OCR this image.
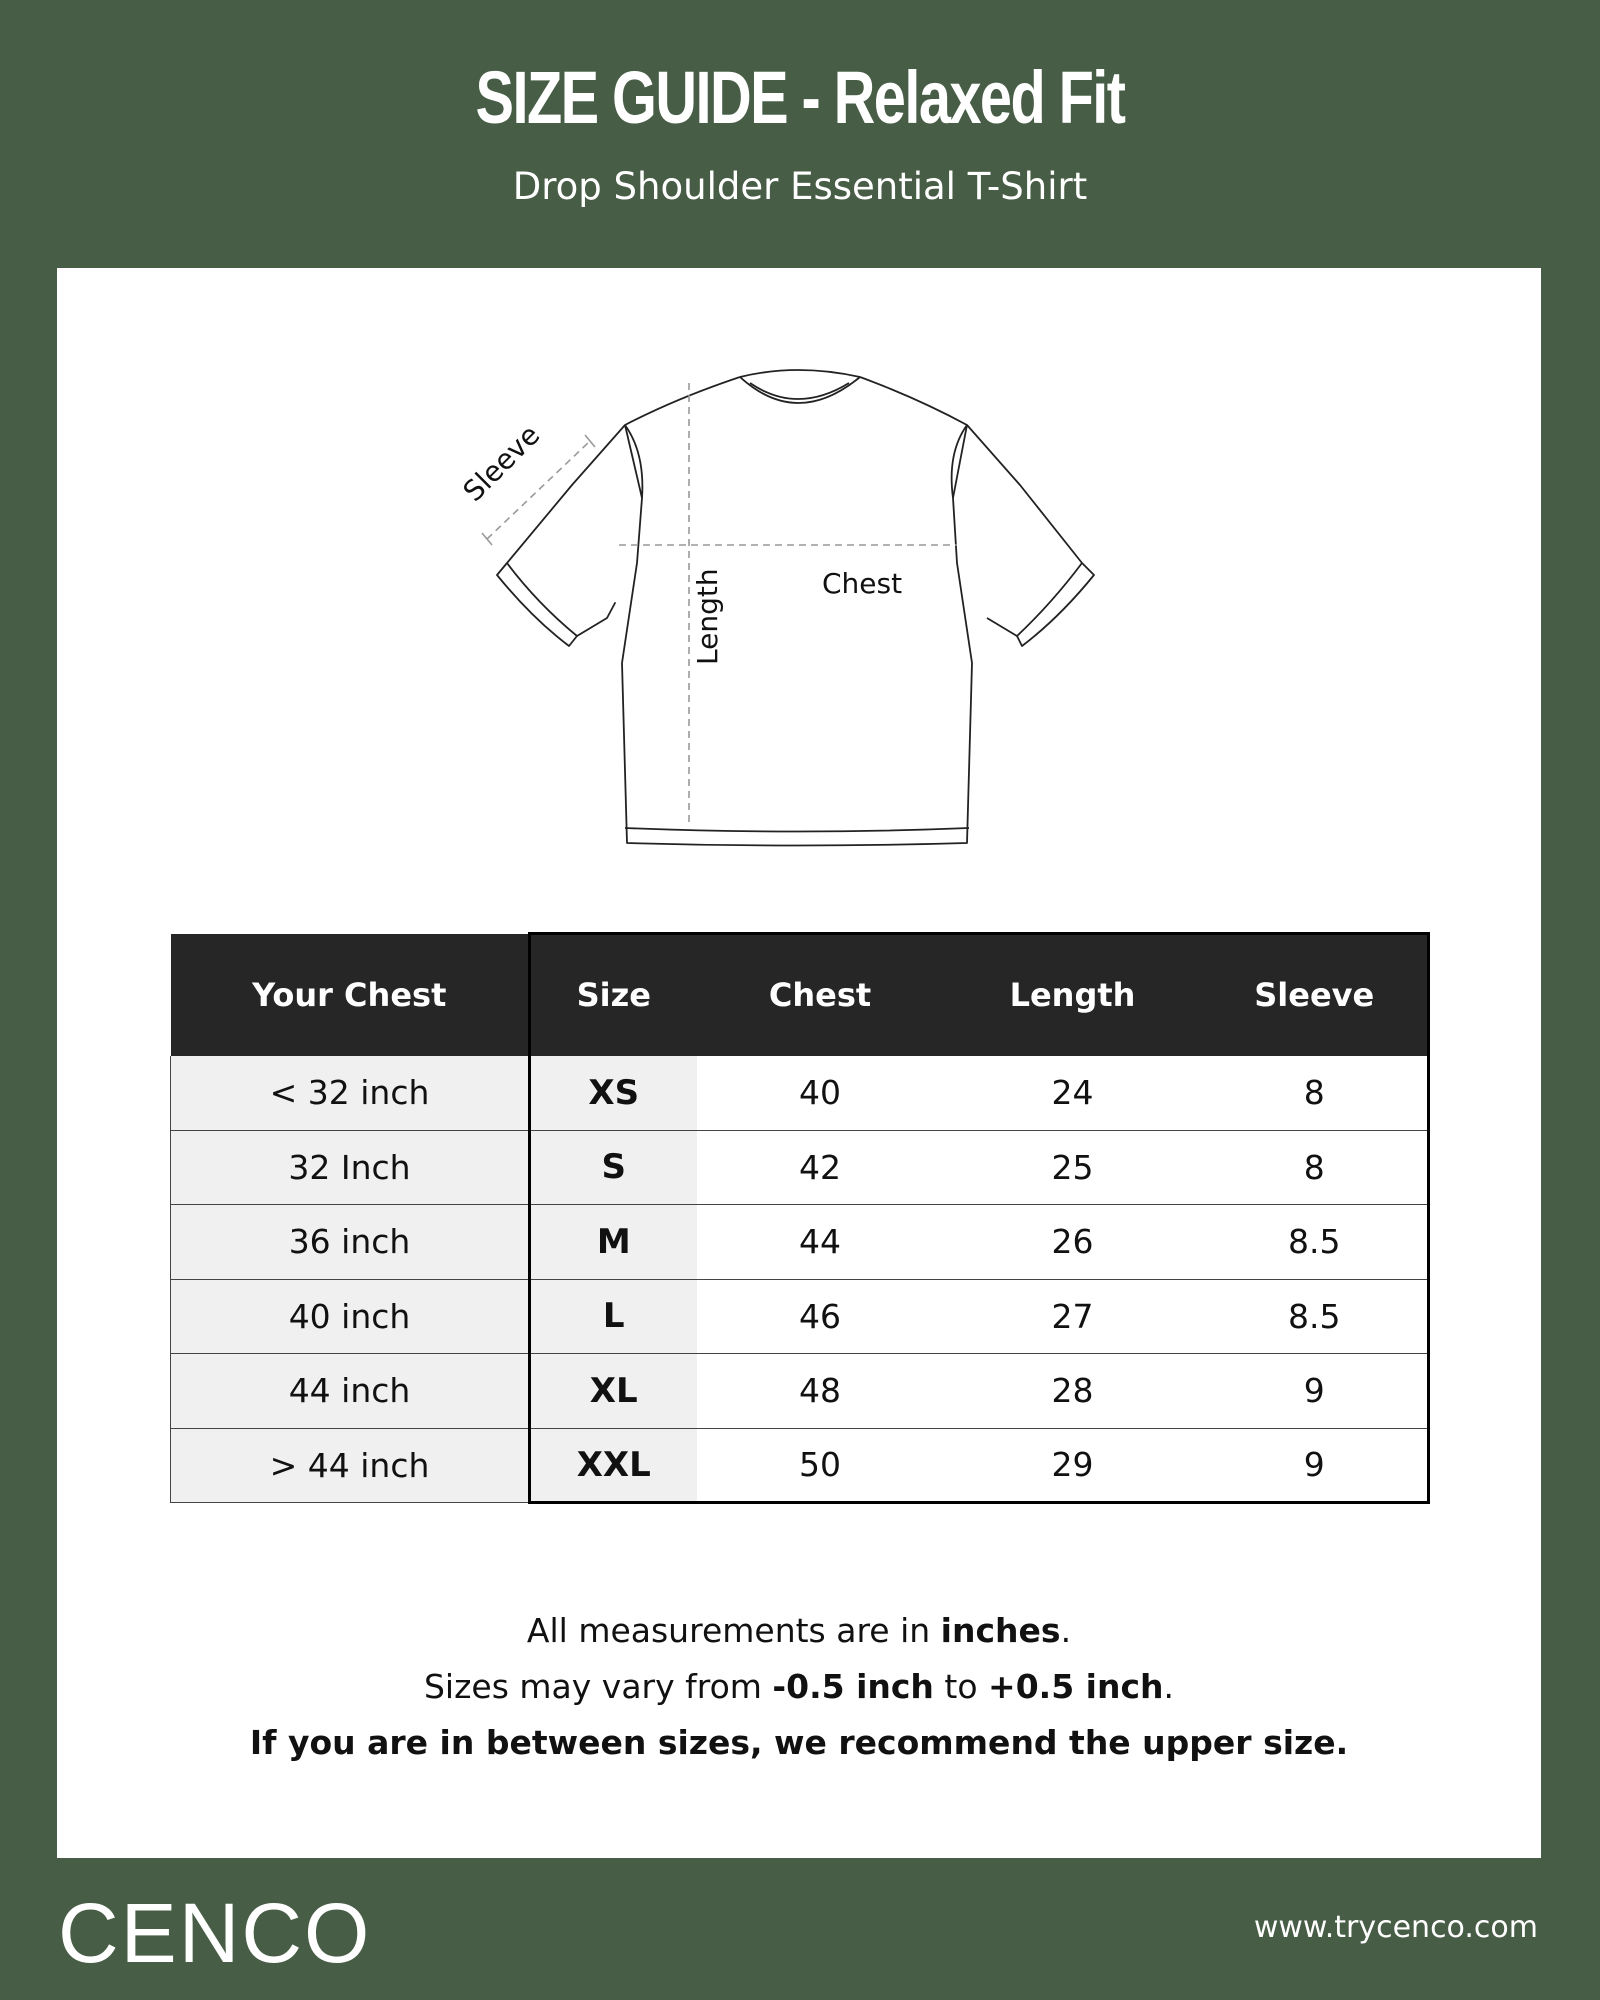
SIZE GUIDE - Relaxed Fit
Drop Shoulder Essential T-Shirt
Sleeve
Chest
Length
Your Chest	Size	Chest	Length	Sleeve
< 32 inch	XS	40	24	8
32 Inch	S	42	25	8
36 inch	M	44	26	8.5
40 inch	L	46	27	8.5
44 inch	XL	48	28	9
> 44 inch	XXL	50	29	9

All measurements are in inches.

Sizes may vary from -0.5 inch to +0.5 inch.

If you are in between sizes, we recommend the upper size.

CENCO	www.trycenco.com
